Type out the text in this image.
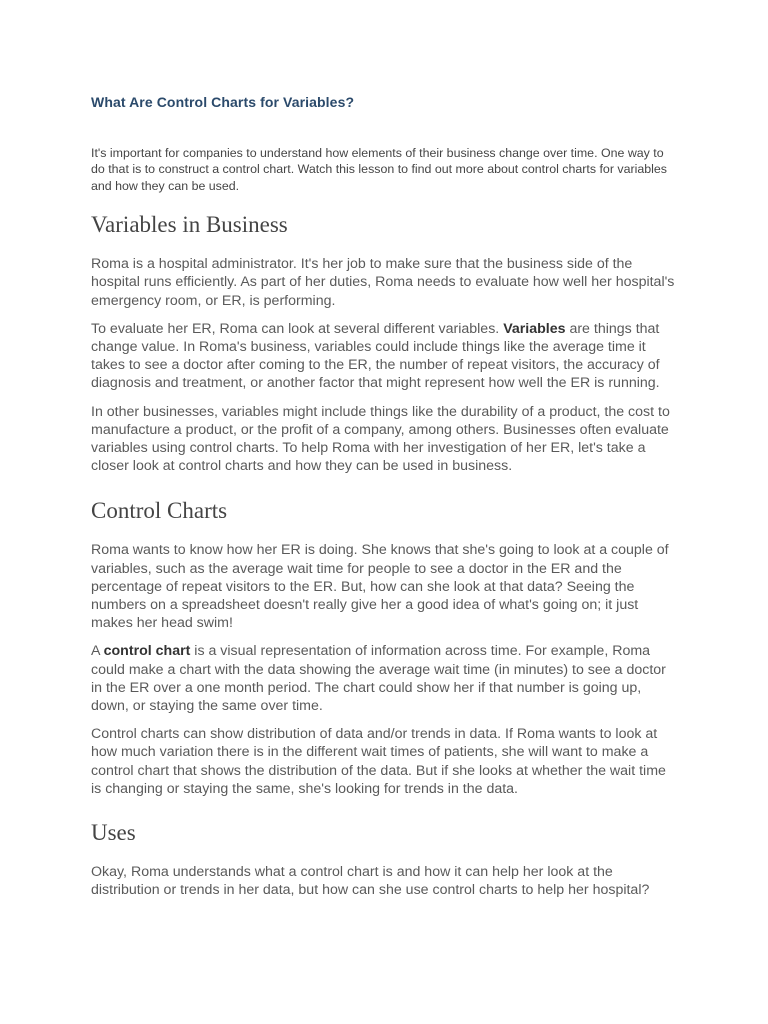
What Are Control Charts for Variables?

It's important for companies to understand how elements of their business change over time. One way to do that is to construct a control chart. Watch this lesson to find out more about control charts for variables and how they can be used.

Variables in Business

Roma is a hospital administrator. It's her job to make sure that the business side of the hospital runs efficiently. As part of her duties, Roma needs to evaluate how well her hospital's emergency room, or ER, is performing.

To evaluate her ER, Roma can look at several different variables. Variables are things that change value. In Roma's business, variables could include things like the average time it takes to see a doctor after coming to the ER, the number of repeat visitors, the accuracy of diagnosis and treatment, or another factor that might represent how well the ER is running.

In other businesses, variables might include things like the durability of a product, the cost to manufacture a product, or the profit of a company, among others. Businesses often evaluate variables using control charts. To help Roma with her investigation of her ER, let's take a closer look at control charts and how they can be used in business.

Control Charts

Roma wants to know how her ER is doing. She knows that she's going to look at a couple of variables, such as the average wait time for people to see a doctor in the ER and the percentage of repeat visitors to the ER. But, how can she look at that data? Seeing the numbers on a spreadsheet doesn't really give her a good idea of what's going on; it just makes her head swim!

A control chart is a visual representation of information across time. For example, Roma could make a chart with the data showing the average wait time (in minutes) to see a doctor in the ER over a one month period. The chart could show her if that number is going up, down, or staying the same over time.

Control charts can show distribution of data and/or trends in data. If Roma wants to look at how much variation there is in the different wait times of patients, she will want to make a control chart that shows the distribution of the data. But if she looks at whether the wait time is changing or staying the same, she's looking for trends in the data.

Uses

Okay, Roma understands what a control chart is and how it can help her look at the distribution or trends in her data, but how can she use control charts to help her hospital?
